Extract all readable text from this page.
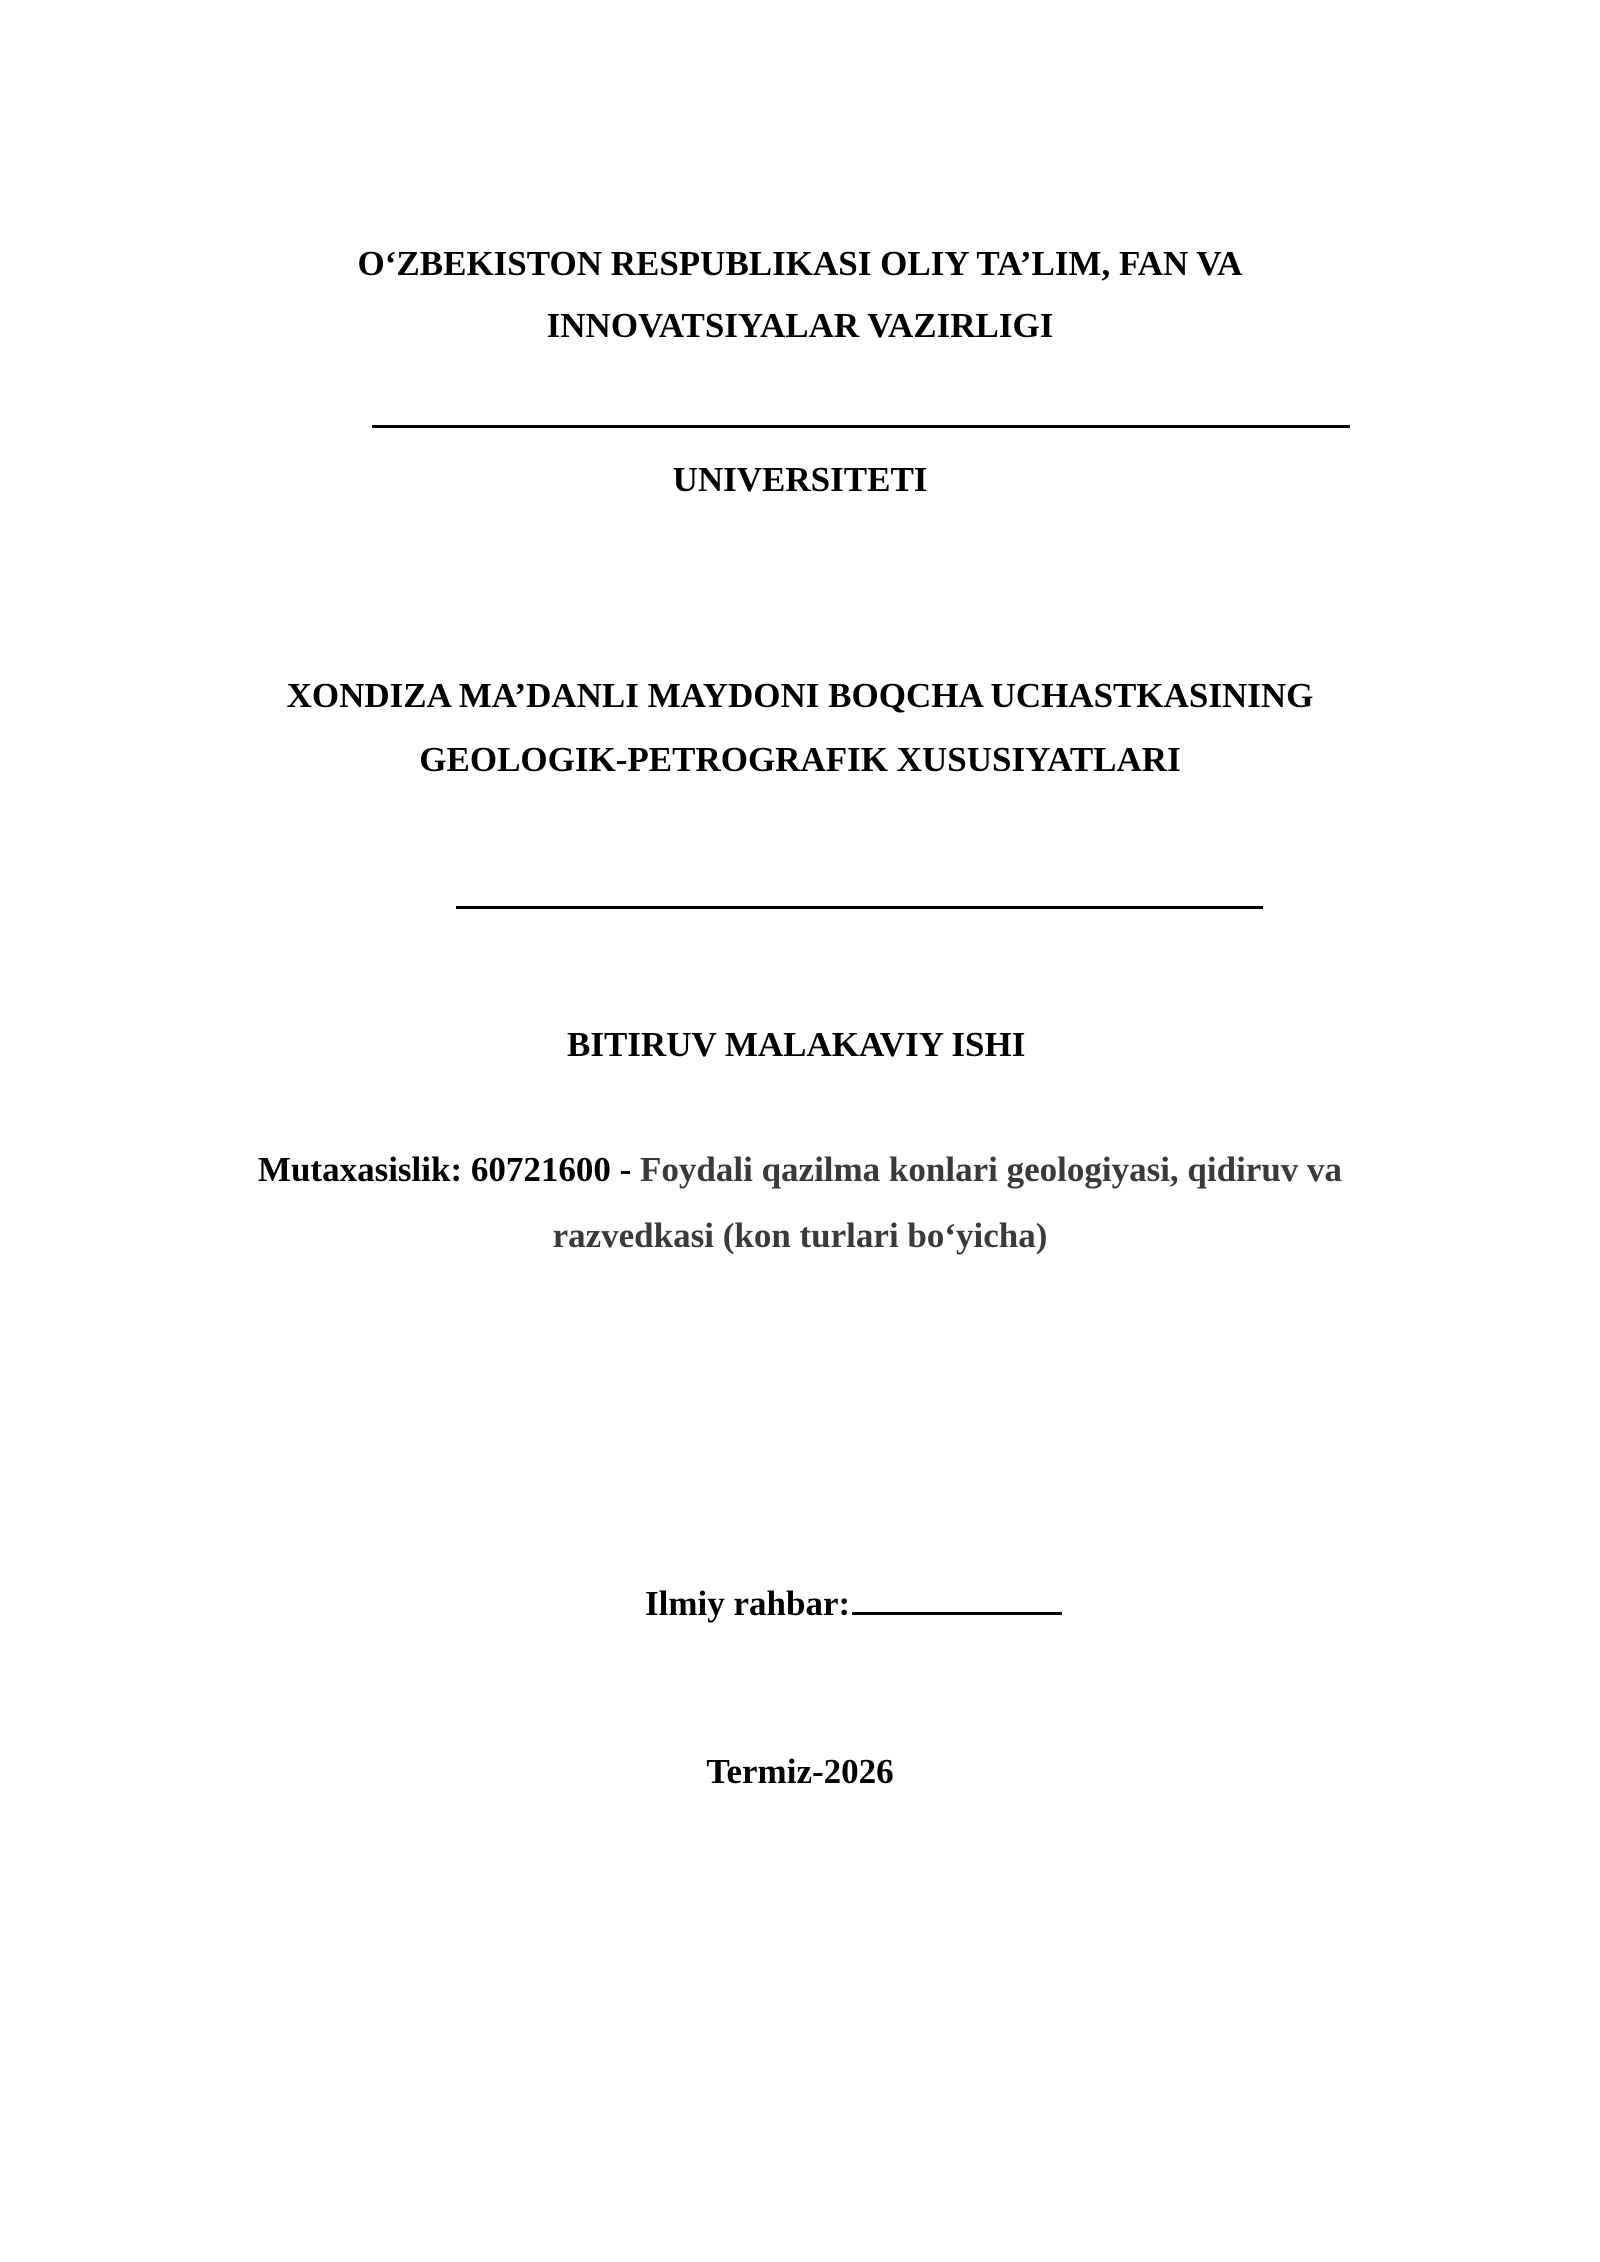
O‘ZBEKISTON RESPUBLIKASI OLIY TA’LIM, FAN VA
INNOVATSIYALAR VAZIRLIGI
UNIVERSITETI
XONDIZA MA’DANLI MAYDONI BOQCHA UCHASTKASINING
GEOLOGIK-PETROGRAFIK XUSUSIYATLARI
BITIRUV MALAKAVIY ISHI
Mutaxasislik: 60721600 - Foydali qazilma konlari geologiyasi, qidiruv va
razvedkasi (kon turlari bo‘yicha)
Ilmiy rahbar:
Termiz-2026
